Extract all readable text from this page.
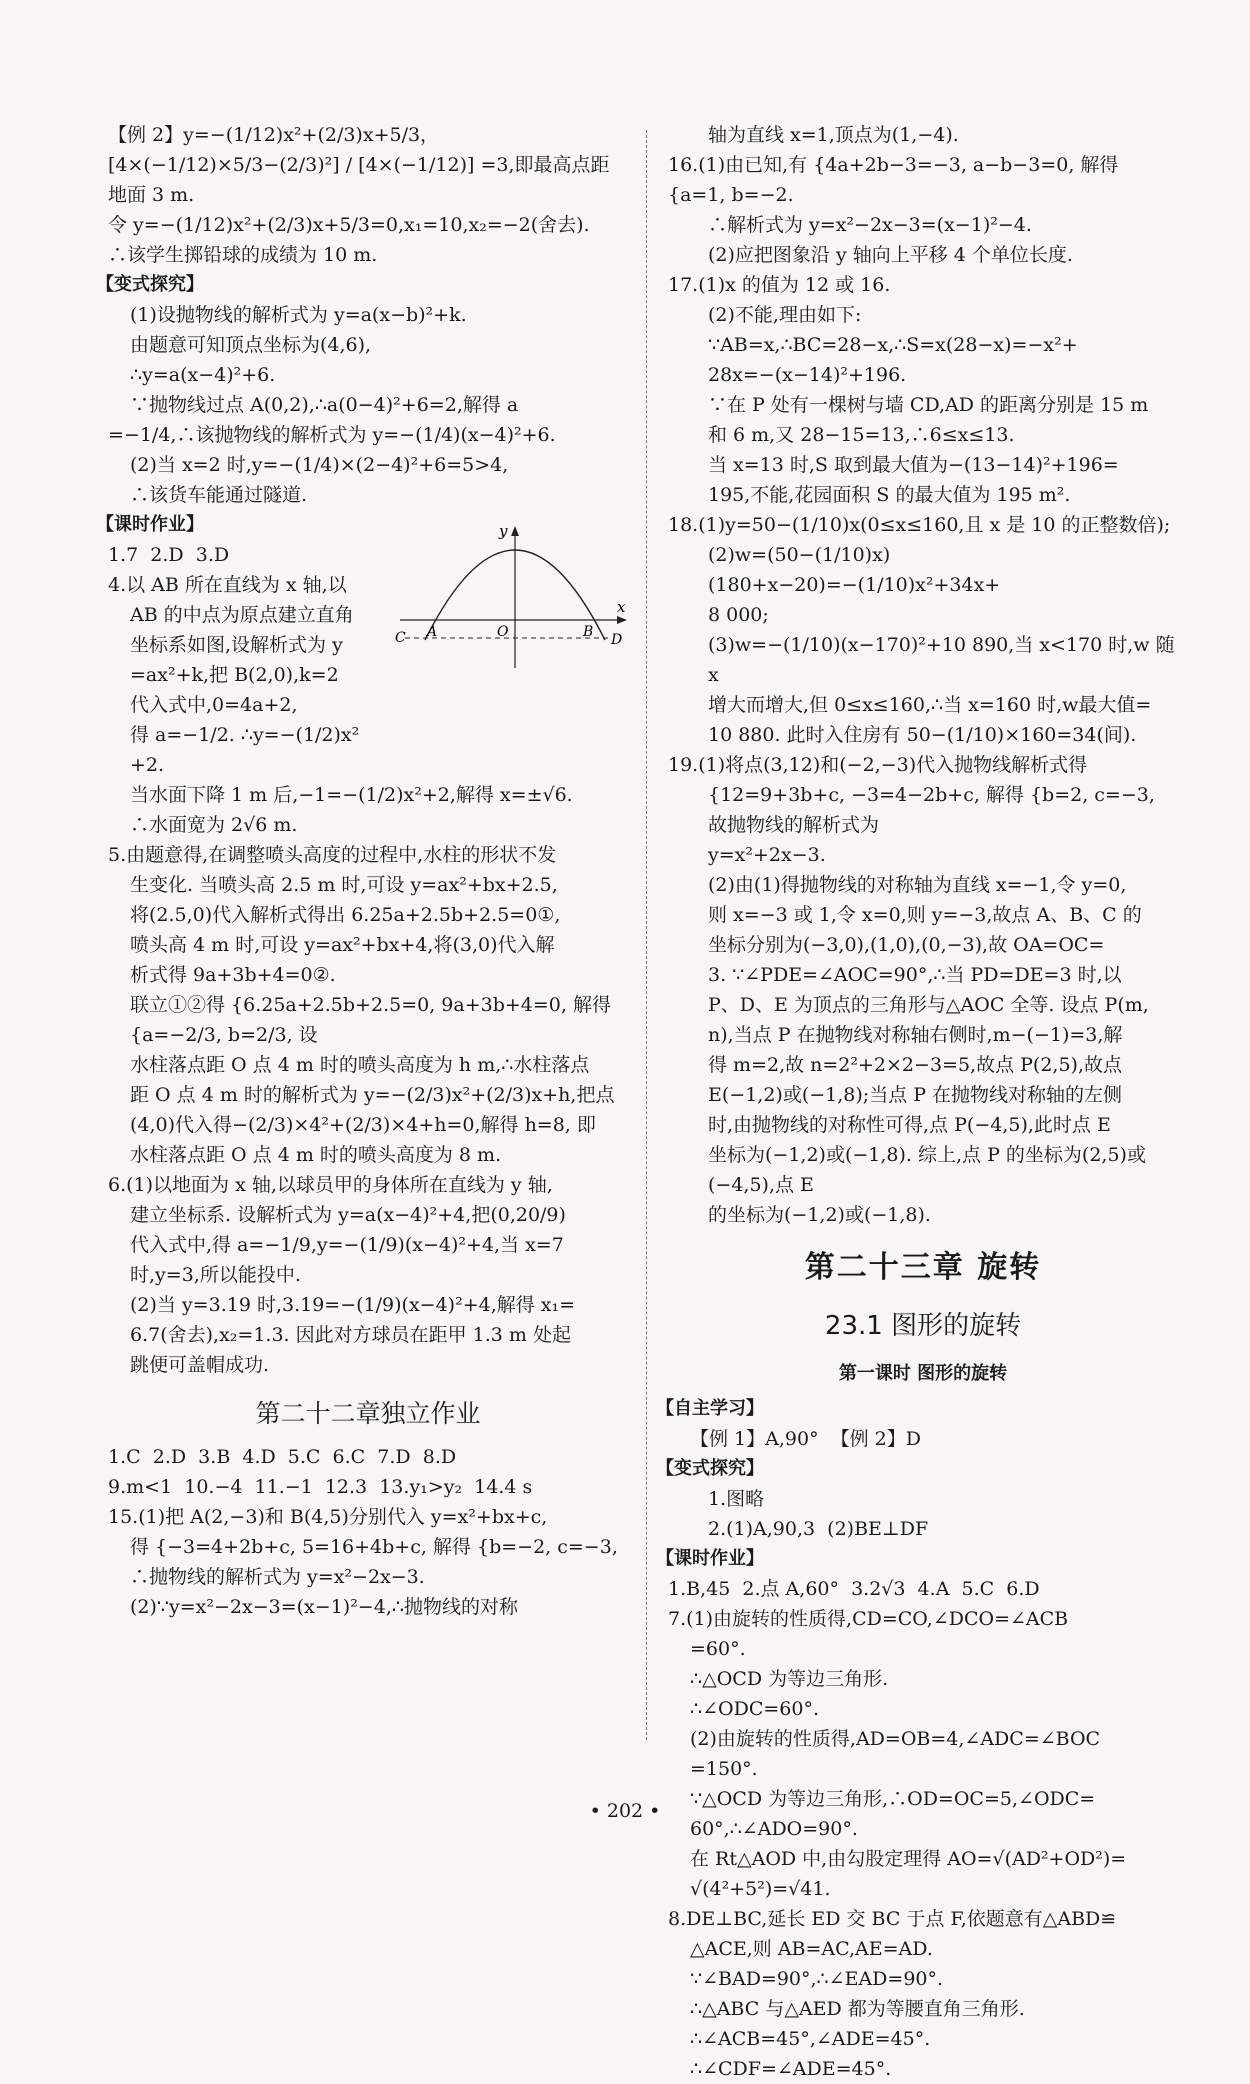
【例 2】y=−(1/12)x²+(2/3)x+5/3，
[4×(−1/12)×5/3−(2/3)²] / [4×(−1/12)] =3,即最高点距地面 3 m.
令 y=−(1/12)x²+(2/3)x+5/3=0,x₁=10,x₂=−2(舍去).
∴该学生掷铅球的成绩为 10 m.
【变式探究】
(1)设抛物线的解析式为 y=a(x−b)²+k.
由题意可知顶点坐标为(4,6),
∴y=a(x−4)²+6.
∵抛物线过点 A(0,2),∴a(0−4)²+6=2,解得 a
=−1/4,∴该抛物线的解析式为 y=−(1/4)(x−4)²+6.
(2)当 x=2 时,y=−(1/4)×(2−4)²+6=5>4,
∴该货车能通过隧道.
【课时作业】
1.7  2.D  3.D
4.以 AB 所在直线为 x 轴,以
AB 的中点为原点建立直角
坐标系如图,设解析式为 y
=ax²+k,把 B(2,0),k=2
代入式中,0=4a+2,
得 a=−1/2. ∴y=−(1/2)x²
+2.
当水面下降 1 m 后,−1=−(1/2)x²+2,解得 x=±√6.
∴水面宽为 2√6 m.
5.由题意得,在调整喷头高度的过程中,水柱的形状不发
生变化. 当喷头高 2.5 m 时,可设 y=ax²+bx+2.5,
将(2.5,0)代入解析式得出 6.25a+2.5b+2.5=0①,
喷头高 4 m 时,可设 y=ax²+bx+4,将(3,0)代入解
析式得 9a+3b+4=0②.
联立①②得 {6.25a+2.5b+2.5=0, 9a+3b+4=0, 解得 {a=−2/3, b=2/3, 设
水柱落点距 O 点 4 m 时的喷头高度为 h m,∴水柱落点
距 O 点 4 m 时的解析式为 y=−(2/3)x²+(2/3)x+h,把点
(4,0)代入得−(2/3)×4²+(2/3)×4+h=0,解得 h=8, 即
水柱落点距 O 点 4 m 时的喷头高度为 8 m.
6.(1)以地面为 x 轴,以球员甲的身体所在直线为 y 轴,
建立坐标系. 设解析式为 y=a(x−4)²+4,把(0,20/9)
代入式中,得 a=−1/9,y=−(1/9)(x−4)²+4,当 x=7
时,y=3,所以能投中.
(2)当 y=3.19 时,3.19=−(1/9)(x−4)²+4,解得 x₁=
6.7(舍去),x₂=1.3. 因此对方球员在距甲 1.3 m 处起
跳便可盖帽成功.
第二十二章独立作业
1.C  2.D  3.B  4.D  5.C  6.C  7.D  8.D
9.m<1  10.−4  11.−1  12.3  13.y₁>y₂  14.4 s
15.(1)把 A(2,−3)和 B(4,5)分别代入 y=x²+bx+c,
得 {−3=4+2b+c, 5=16+4b+c, 解得 {b=−2, c=−3,
∴抛物线的解析式为 y=x²−2x−3.
(2)∵y=x²−2x−3=(x−1)²−4,∴抛物线的对称
轴为直线 x=1,顶点为(1,−4).
16.(1)由已知,有 {4a+2b−3=−3, a−b−3=0, 解得 {a=1, b=−2.
∴解析式为 y=x²−2x−3=(x−1)²−4.
(2)应把图象沿 y 轴向上平移 4 个单位长度.
17.(1)x 的值为 12 或 16.
(2)不能,理由如下:
∵AB=x,∴BC=28−x,∴S=x(28−x)=−x²+
28x=−(x−14)²+196.
∵在 P 处有一棵树与墙 CD,AD 的距离分别是 15 m
和 6 m,又 28−15=13,∴6≤x≤13.
当 x=13 时,S 取到最大值为−(13−14)²+196=
195,不能,花园面积 S 的最大值为 195 m².
18.(1)y=50−(1/10)x(0≤x≤160,且 x 是 10 的正整数倍);
(2)w=(50−(1/10)x)(180+x−20)=−(1/10)x²+34x+
8 000;
(3)w=−(1/10)(x−170)²+10 890,当 x<170 时,w 随 x
增大而增大,但 0≤x≤160,∴当 x=160 时,w最大值=
10 880. 此时入住房有 50−(1/10)×160=34(间).
19.(1)将点(3,12)和(−2,−3)代入抛物线解析式得
{12=9+3b+c, −3=4−2b+c, 解得 {b=2, c=−3, 故抛物线的解析式为
y=x²+2x−3.
(2)由(1)得抛物线的对称轴为直线 x=−1,令 y=0,
则 x=−3 或 1,令 x=0,则 y=−3,故点 A、B、C 的
坐标分别为(−3,0),(1,0),(0,−3),故 OA=OC=
3. ∵∠PDE=∠AOC=90°,∴当 PD=DE=3 时,以
P、D、E 为顶点的三角形与△AOC 全等. 设点 P(m,
n),当点 P 在抛物线对称轴右侧时,m−(−1)=3,解
得 m=2,故 n=2²+2×2−3=5,故点 P(2,5),故点
E(−1,2)或(−1,8);当点 P 在抛物线对称轴的左侧
时,由抛物线的对称性可得,点 P(−4,5),此时点 E
坐标为(−1,2)或(−1,8). 综上,点 P 的坐标为(2,5)或(−4,5),点 E
的坐标为(−1,2)或(−1,8).
第二十三章 旋转
23.1 图形的旋转
第一课时 图形的旋转
【自主学习】
【例 1】A,90°  【例 2】D
【变式探究】
1.图略
2.(1)A,90,3  (2)BE⊥DF
【课时作业】
1.B,45  2.点 A,60°  3.2√3  4.A  5.C  6.D
7.(1)由旋转的性质得,CD=CO,∠DCO=∠ACB
=60°.
∴△OCD 为等边三角形.
∴∠ODC=60°.
(2)由旋转的性质得,AD=OB=4,∠ADC=∠BOC
=150°.
∵△OCD 为等边三角形,∴OD=OC=5,∠ODC=
60°,∴∠ADO=90°.
在 Rt△AOD 中,由勾股定理得 AO=√(AD²+OD²)=
√(4²+5²)=√41.
8.DE⊥BC,延长 ED 交 BC 于点 F,依题意有△ABD≌
△ACE,则 AB=AC,AE=AD.
∵∠BAD=90°,∴∠EAD=90°.
∴△ABC 与△AED 都为等腰直角三角形.
∴∠ACB=45°,∠ADE=45°.
∴∠CDF=∠ADE=45°.
y
x
O
A	B
C	D
• 202 •
